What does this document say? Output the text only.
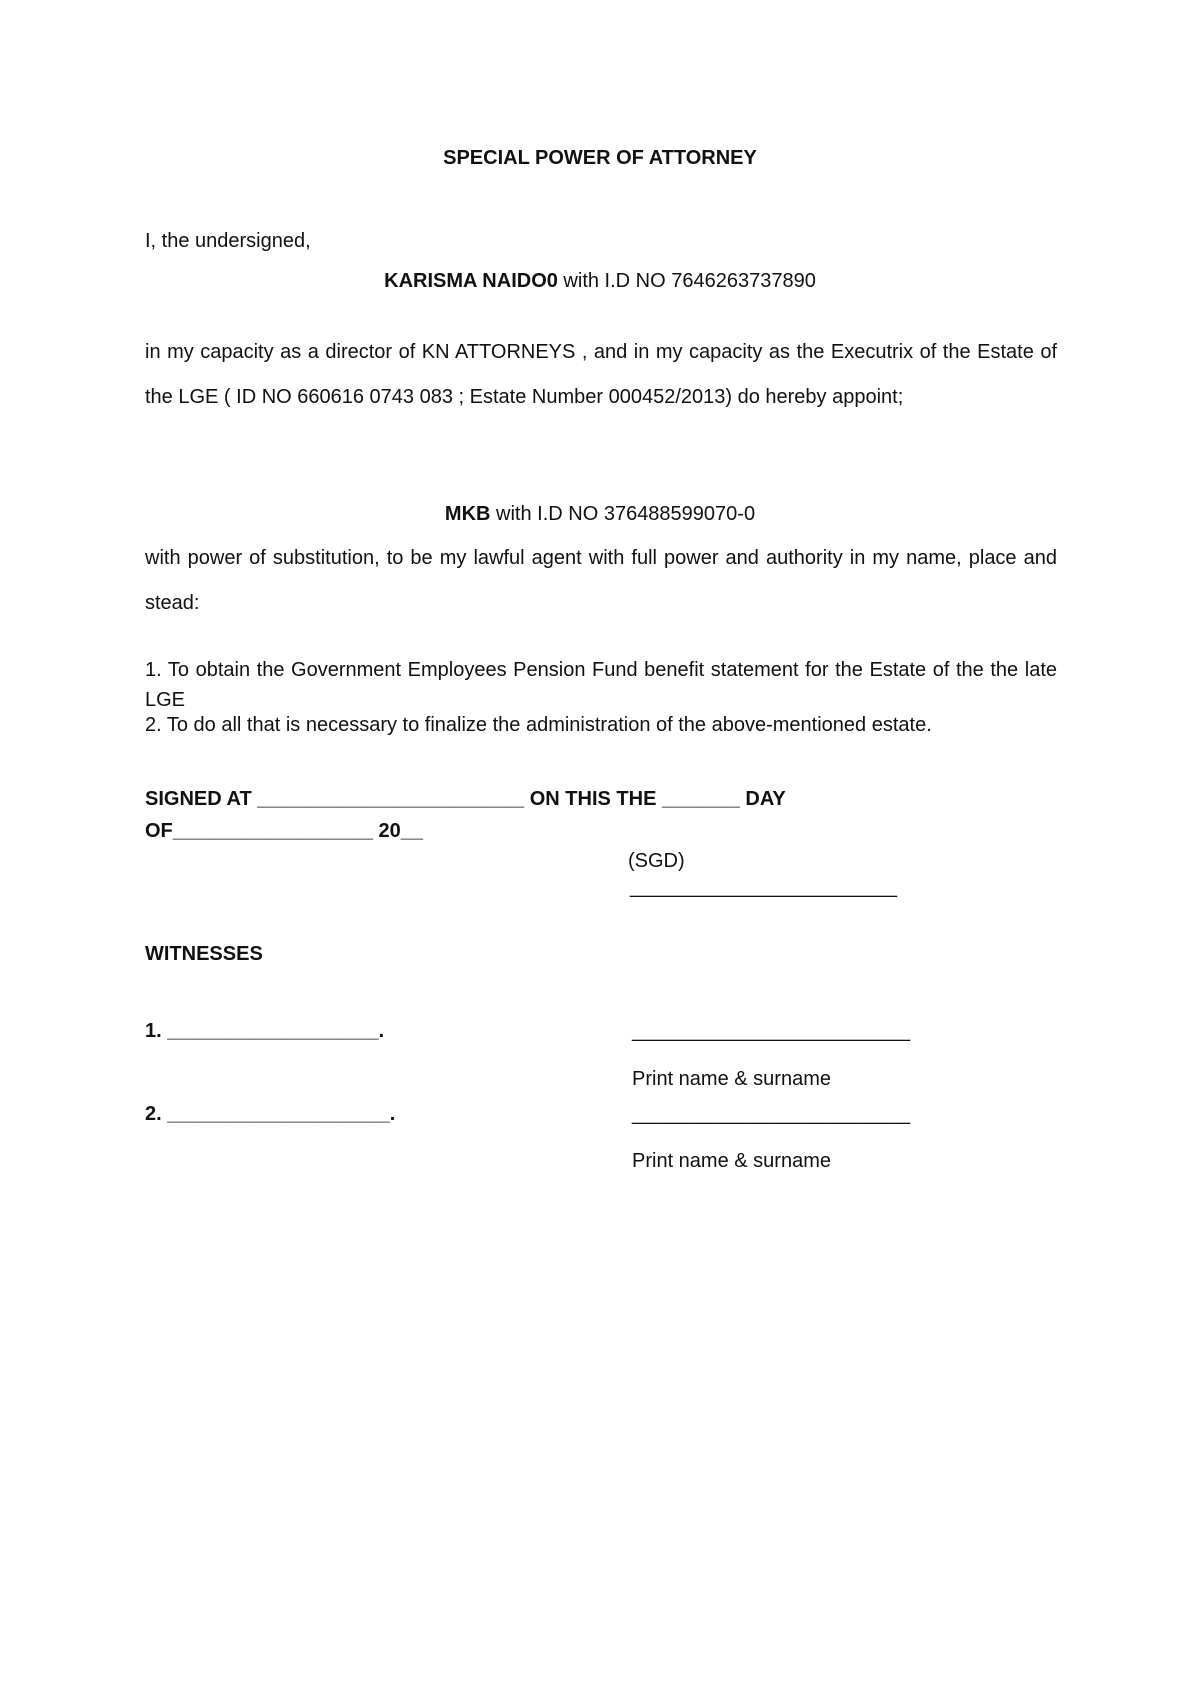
SPECIAL POWER OF ATTORNEY
I, the undersigned,
KARISMA NAIDO0 with I.D NO 7646263737890
in my capacity as a director of KN ATTORNEYS , and in my capacity as the Executrix of the Estate of the LGE ( ID NO 660616 0743 083 ; Estate Number 000452/2013) do hereby appoint;
MKB with I.D NO 376488599070-0
with power of substitution, to be my lawful agent with full power and authority in my name, place and stead:
1. To obtain the Government Employees Pension Fund benefit statement for the Estate of the the late LGE
2. To do all that is necessary to finalize the administration of the above-mentioned estate.
SIGNED AT ________________________ ON THIS THE _______ DAY
OF__________________ 20__
(SGD)
________________________
WITNESSES
1. ___________________.	_________________________
Print name & surname
2. ____________________.	_________________________
Print name & surname
